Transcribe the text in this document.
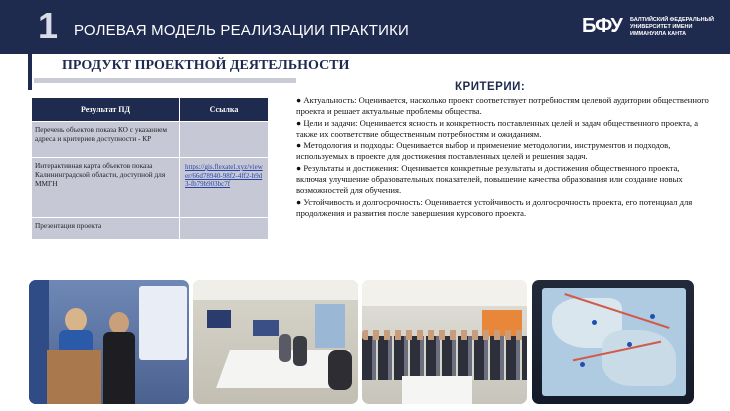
1 РОЛЕВАЯ МОДЕЛЬ РЕАЛИЗАЦИИ ПРАКТИКИ	БФУ БАЛТИЙСКИЙ ФЕДЕРАЛЬНЫЙ УНИВЕРСИТЕТ ИМЕНИ ИММАНУИЛА КАНТА
ПРОДУКТ ПРОЕКТНОЙ ДЕЯТЕЛЬНОСТИ
Результат ПД	Ссылка
Перечень объектов показа КО с указанием адреса и критериев доступности - КР	
Интерактивная карта объектов показа Калининградской области, доступной для ММГН	https://gis.flexatel.xyz/viewer/66d78940-98f2-4ff2-b9d3-fb79b903bc7f
Презентация проекта	
КРИТЕРИИ:

● Актуальность: Оценивается, насколько проект соответствует потребностям целевой аудитории общественного проекта и решает актуальные проблемы общества.

● Цели и задачи: Оценивается ясность и конкретность поставленных целей и задач общественного проекта, а также их соответствие общественным потребностям и ожиданиям.

● Методология и подходы: Оценивается выбор и применение методологии, инструментов и подходов, используемых в проекте для достижения поставленных целей и решения задач.

● Результаты и достижения: Оценивается конкретные результаты и достижения общественного проекта, включая улучшение образовательных показателей, повышение качества образования или создание новых возможностей для обучения.

● Устойчивость и долгосрочность: Оценивается устойчивость и долгосрочность проекта, его потенциал для продолжения и развития после завершения курсового проекта.
